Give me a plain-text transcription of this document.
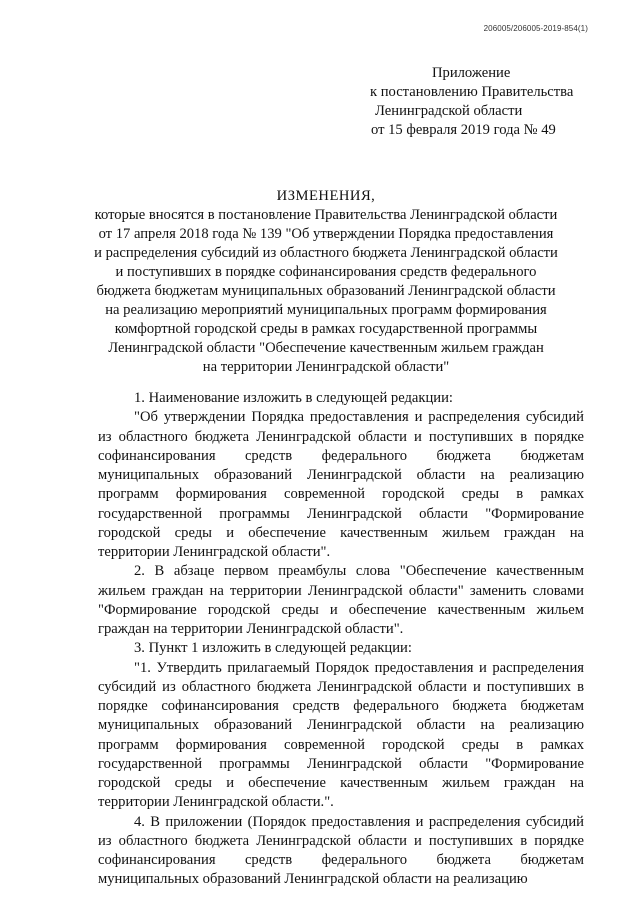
206005/206005-2019-854(1)
Приложение
к постановлению Правительства
Ленинградской области
от 15 февраля 2019 года № 49
ИЗМЕНЕНИЯ,
которые вносятся в постановление Правительства Ленинградской области
от 17 апреля 2018 года № 139 "Об утверждении Порядка предоставления
и распределения субсидий из областного бюджета Ленинградской области
и поступивших в порядке софинансирования средств федерального
бюджета бюджетам муниципальных образований Ленинградской области
на реализацию мероприятий муниципальных программ формирования
комфортной городской среды в рамках государственной программы
Ленинградской области "Обеспечение качественным жильем граждан
на территории Ленинградской области"

1. Наименование изложить в следующей редакции:

"Об утверждении Порядка предоставления и распределения субсидий из областного бюджета Ленинградской области и поступивших в порядке софинансирования средств федерального бюджета бюджетам муниципальных образований Ленинградской области на реализацию программ формирования современной городской среды в рамках государственной программы Ленинградской области "Формирование городской среды и обеспечение качественным жильем граждан на территории Ленинградской области".

2. В абзаце первом преамбулы слова "Обеспечение качественным жильем граждан на территории Ленинградской области" заменить словами "Формирование городской среды и обеспечение качественным жильем граждан на территории Ленинградской области".

3. Пункт 1 изложить в следующей редакции:

"1. Утвердить прилагаемый Порядок предоставления и распределения субсидий из областного бюджета Ленинградской области и поступивших в порядке софинансирования средств федерального бюджета бюджетам муниципальных образований Ленинградской области на реализацию программ формирования современной городской среды в рамках государственной программы Ленинградской области "Формирование городской среды и обеспечение качественным жильем граждан на территории Ленинградской области.".

4. В приложении (Порядок предоставления и распределения субсидий из областного бюджета Ленинградской области и поступивших в порядке софинансирования средств федерального бюджета бюджетам муниципальных образований Ленинградской области на реализацию
